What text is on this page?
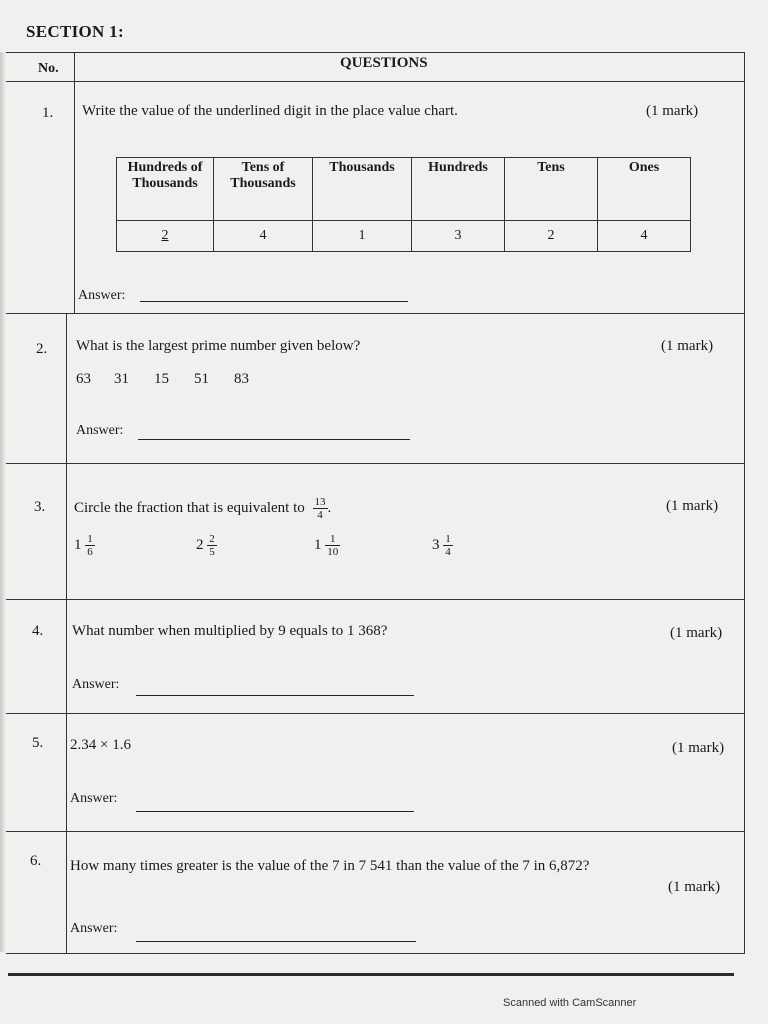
SECTION 1:
No.	QUESTIONS
1. Write the value of the underlined digit in the place value chart.	(1 mark)
Hundreds of Thousands	Tens of Thousands	Thousands	Hundreds	Tens	Ones
2	4	1	3	2	4
Answer:
2. What is the largest prime number given below?	(1 mark)
63 31 15 51 83
Answer:
3. Circle the fraction that is equivalent to $\frac{13}{4}$ .	(1 mark)
$1 \frac{1}{6}$	$2 \frac{2}{5}$	$1 \frac{1}{10}$	$3 \frac{1}{4}$
4. What number when multiplied by 9 equals to 1 368?	(1 mark)
Answer:
5. 2.34 × 1.6	(1 mark)
Answer:
6. How many times greater is the value of the 7 in 7 541 than the value of the 7 in 6,872?
(1 mark)
Answer:
Scanned with CamScanner
